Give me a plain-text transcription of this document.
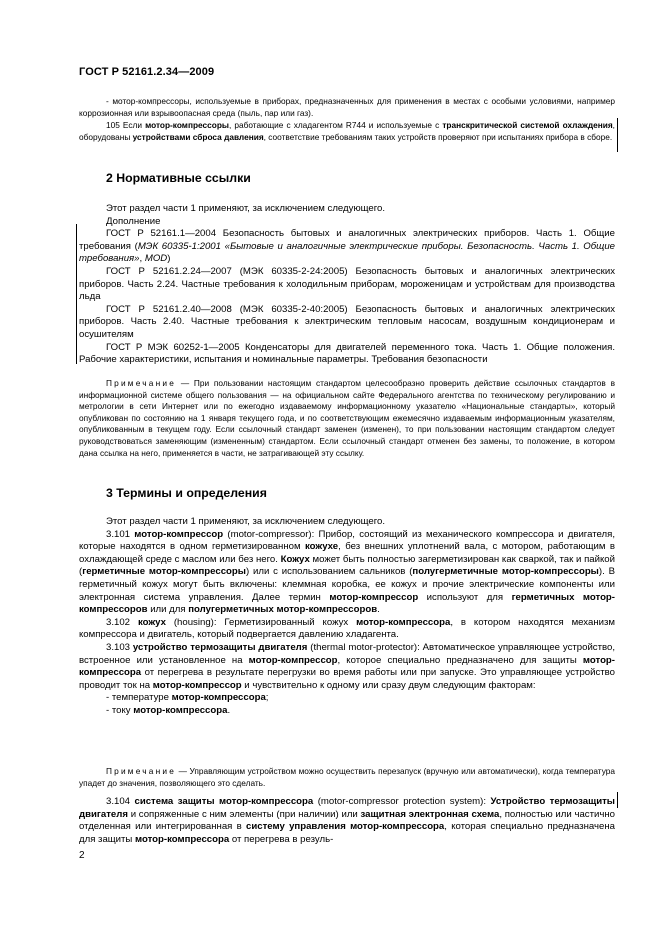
ГОСТ Р 52161.2.34—2009

- мотор-компрессоры, используемые в приборах, предназначенных для применения в местах с особыми условиями, например коррозионная или взрывоопасная среда (пыль, пар или газ).

105 Если мотор-компрессоры, работающие с хладагентом R744 и используемые с транскритической системой охлаждения, оборудованы устройствами сброса давления, соответствие требованиям таких устройств проверяют при испытаниях прибора в сборе.

2 Нормативные ссылки

Этот раздел части 1 применяют, за исключением следующего.

Дополнение

ГОСТ Р 52161.1—2004 Безопасность бытовых и аналогичных электрических приборов. Часть 1. Общие требования (МЭК 60335-1:2001 «Бытовые и аналогичные электрические приборы. Безопасность. Часть 1. Общие требования», MOD)

ГОСТ Р 52161.2.24—2007 (МЭК 60335-2-24:2005) Безопасность бытовых и аналогичных электрических приборов. Часть 2.24. Частные требования к холодильным приборам, мороженицам и устройствам для производства льда

ГОСТ Р 52161.2.40—2008 (МЭК 60335-2-40:2005) Безопасность бытовых и аналогичных электрических приборов. Часть 2.40. Частные требования к электрическим тепловым насосам, воздушным кондиционерам и осушителям

ГОСТ Р МЭК 60252-1—2005 Конденсаторы для двигателей переменного тока. Часть 1. Общие положения. Рабочие характеристики, испытания и номинальные параметры. Требования безопасности

Примечание — При пользовании настоящим стандартом целесообразно проверить действие ссылочных стандартов в информационной системе общего пользования — на официальном сайте Федерального агентства по техническому регулированию и метрологии в сети Интернет или по ежегодно издаваемому информационному указателю «Национальные стандарты», который опубликован по состоянию на 1 января текущего года, и по соответствующим ежемесячно издаваемым информационным указателям, опубликованным в текущем году. Если ссылочный стандарт заменен (изменен), то при пользовании настоящим стандартом следует руководствоваться заменяющим (измененным) стандартом. Если ссылочный стандарт отменен без замены, то положение, в котором дана ссылка на него, применяется в части, не затрагивающей эту ссылку.

3 Термины и определения

Этот раздел части 1 применяют, за исключением следующего.

3.101 мотор-компрессор (motor-compressor): Прибор, состоящий из механического компрессора и двигателя, которые находятся в одном герметизированном кожухе, без внешних уплотнений вала, с мотором, работающим в охлаждающей среде с маслом или без него. Кожух может быть полностью загерметизирован как сваркой, так и пайкой (герметичные мотор-компрессоры) или с использованием сальников (полугерметичные мотор-компрессоры). В герметичный кожух могут быть включены: клеммная коробка, ее кожух и прочие электрические компоненты или электронная система управления. Далее термин мотор-компрессор используют для герметичных мотор-компрессоров или для полугерметичных мотор-компрессоров.

3.102 кожух (housing): Герметизированный кожух мотор-компрессора, в котором находятся механизм компрессора и двигатель, который подвергается давлению хладагента.

3.103 устройство термозащиты двигателя (thermal motor-protector): Автоматическое управляющее устройство, встроенное или установленное на мотор-компрессор, которое специально предназначено для защиты мотор-компрессора от перегрева в результате перегрузки во время работы или при запуске. Это управляющее устройство проводит ток на мотор-компрессор и чувствительно к одному или сразу двум следующим факторам:

- температуре мотор-компрессора;

- току мотор-компрессора.

Примечание — Управляющим устройством можно осуществить перезапуск (вручную или автоматически), когда температура упадет до значения, позволяющего это сделать.

3.104 система защиты мотор-компрессора (motor-compressor protection system): Устройство термозащиты двигателя и сопряженные с ним элементы (при наличии) или защитная электронная схема, полностью или частично отделенная или интегрированная в систему управления мотор-компрессора, которая специально предназначена для защиты мотор-компрессора от перегрева в резуль-

2
